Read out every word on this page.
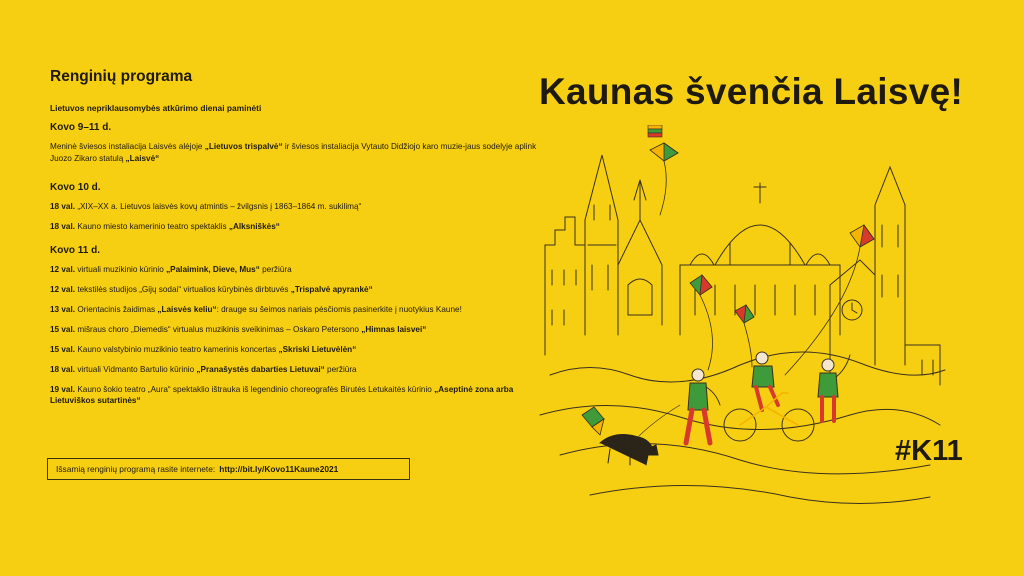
Renginių programa
Lietuvos nepriklausomybės atkūrimo dienai paminėti
Kovo 9–11 d.
Meninė šviesos instaliacija Laisvės alėjoje „Lietuvos trispalvė“ ir šviesos instaliacija Vytauto Didžiojo karo muzie-jaus sodelyje aplink Juozo Zikaro statulą „Laisvė“
Kovo 10 d.
18 val. „XIX–XX a. Lietuvos laisvės kovų atmintis – žvilgsnis į 1863–1864 m. sukilimą“
18 val. Kauno miesto kamerinio teatro spektaklis „Alksniškės“
Kovo 11 d.
12 val. virtuali muzikinio kūrinio „Palaimink, Dieve, Mus“ peržiūra
12 val. tekstilės studijos „Gijų sodai“ virtualios kūrybinės dirbtuvės „Trispalvė apyrankė“
13 val. Orientacinis žaidimas „Laisvės keliu“: drauge su šeimos nariais pėsčiomis pasinerkite į nuotykius Kaune!
15 val. mišraus choro „Diemedis“ virtualus muzikinis sveikinimas – Oskaro Petersono „Himnas laisvei“
15 val. Kauno valstybinio muzikinio teatro kamerinis koncertas „Skriski Lietuvėlėn“
18 val. virtuali Vidmanto Bartulio kūrinio „Pranašystės dabarties Lietuvai“ peržiūra
19 val. Kauno šokio teatro „Aura“ spektaklio ištrauka iš legendinio choreografės Birutės Letukaitės kūrinio „Aseptinė zona arba Lietuviškos sutartinės“
Išsamią renginių programą rasite internete: http://bit.ly/Kovo11Kaune2021
Kaunas švenčia Laisvę!
#K11
